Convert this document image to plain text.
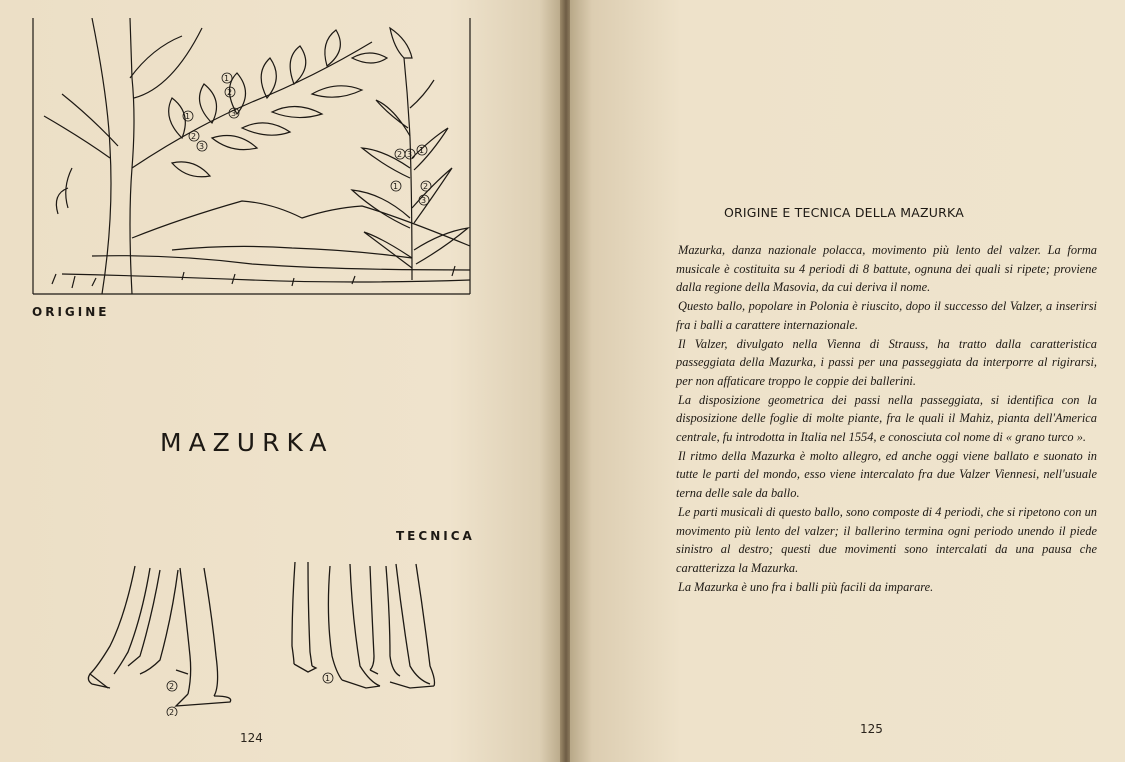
1
2
3
1
2
3
2 3 1
1	2
3
ORIGINE
MAZURKA
TECNICA
2
2
1
124
ORIGINE E TECNICA DELLA MAZURKA

Mazurka, danza nazionale polacca, movimento più lento del valzer. La forma musicale è costituita su 4 periodi di 8 battute, ognuna dei quali si ripete; proviene dalla regione della Masovia, da cui deriva il nome.

Questo ballo, popolare in Polonia è riuscito, dopo il successo del Valzer, a inserirsi fra i balli a carattere internazionale.

Il Valzer, divulgato nella Vienna di Strauss, ha tratto dalla caratteristica passeggiata della Mazurka, i passi per una passeggiata da interporre al rigirarsi, per non affaticare troppo le coppie dei ballerini.

La disposizione geometrica dei passi nella passeggiata, si identifica con la disposizione delle foglie di molte piante, fra le quali il Mahiz, pianta dell'America centrale, fu introdotta in Italia nel 1554, e conosciuta col nome di « grano turco ».

Il ritmo della Mazurka è molto allegro, ed anche oggi viene ballato e suonato in tutte le parti del mondo, esso viene intercalato fra due Valzer Viennesi, nell'usuale terna delle sale da ballo.

Le parti musicali di questo ballo, sono composte di 4 periodi, che si ripetono con un movimento più lento del valzer; il ballerino termina ogni periodo unendo il piede sinistro al destro; questi due movimenti sono intercalati da una pausa che caratterizza la Mazurka.

La Mazurka è uno fra i balli più facili da imparare.

125
